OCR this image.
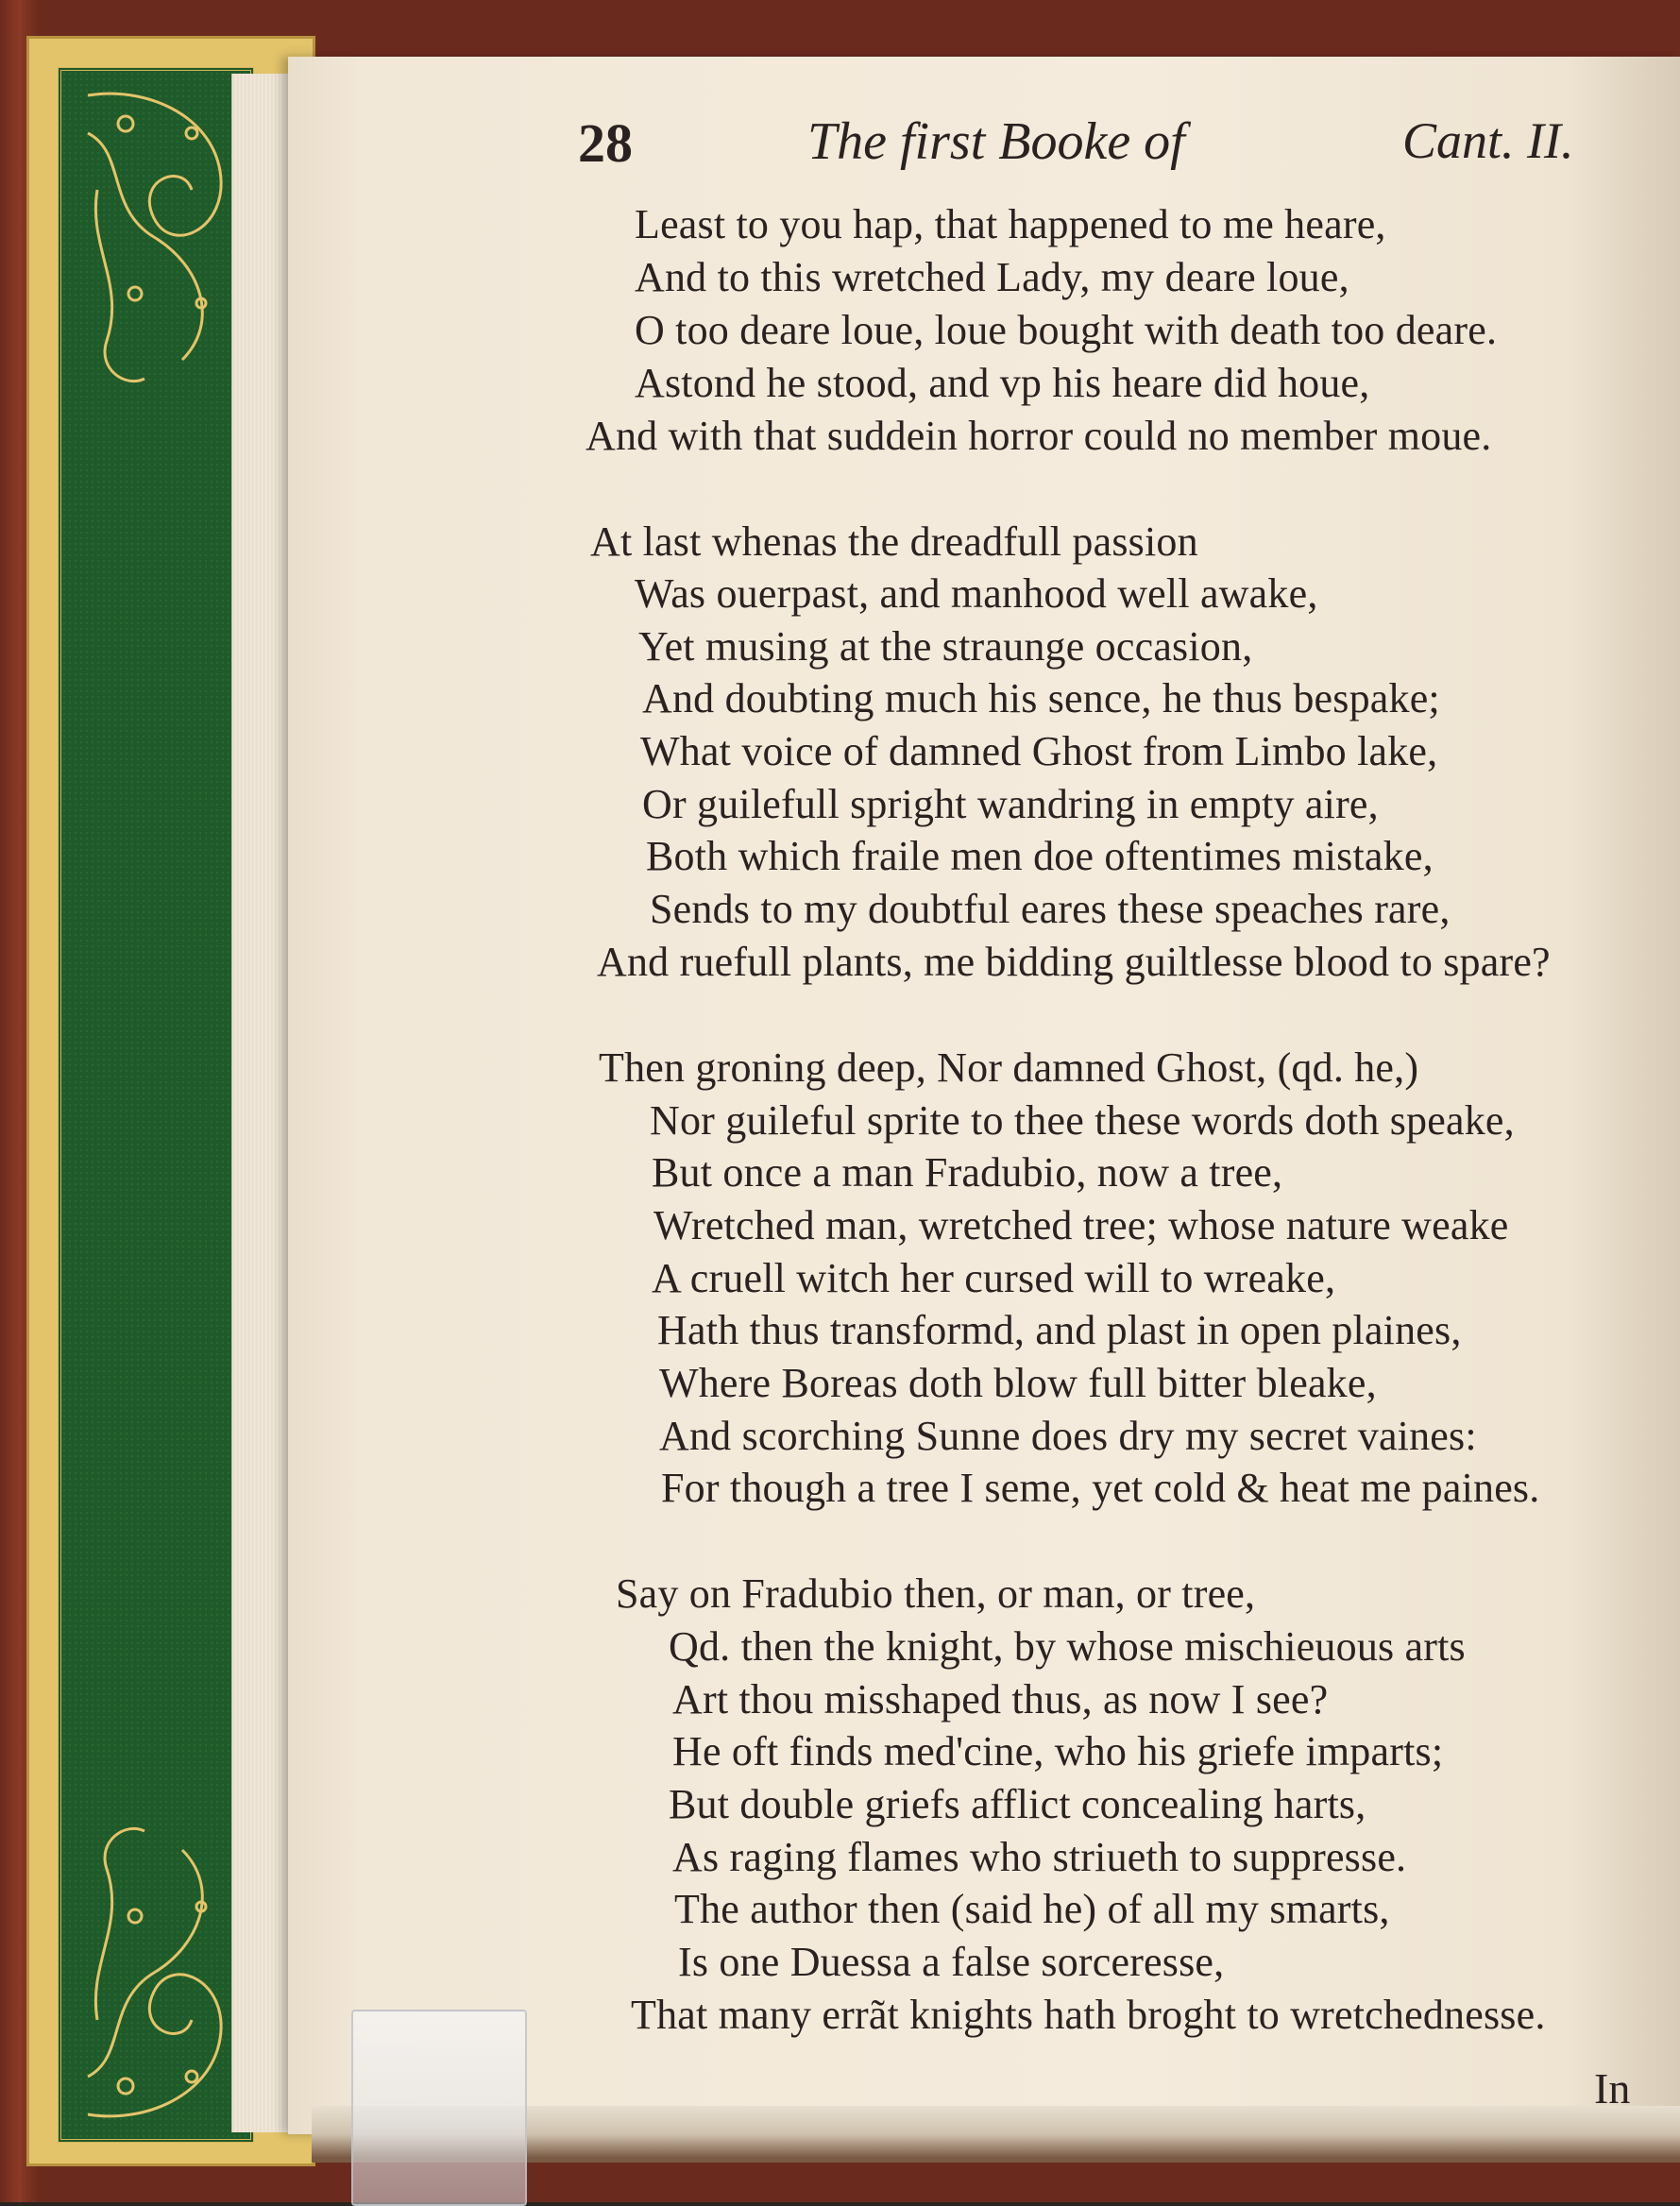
28	The first Booke of	Cant. II.
Least to you hap, that happened to me heare,
And to this wretched Lady, my deare loue,
O too deare loue, loue bought with death too deare.
Astond he stood, and vp his heare did houe,
And with that suddein horror could no member moue.
At last whenas the dreadfull passion
Was ouerpast, and manhood well awake,
Yet musing at the straunge occasion,
And doubting much his sence, he thus bespake;
What voice of damned Ghost from Limbo lake,
Or guilefull spright wandring in empty aire,
Both which fraile men doe oftentimes mistake,
Sends to my doubtful eares these speaches rare,
And ruefull plants, me bidding guiltlesse blood to spare?
Then groning deep, Nor damned Ghost, (qd. he,)
Nor guileful sprite to thee these words doth speake,
But once a man Fradubio, now a tree,
Wretched man, wretched tree; whose nature weake
A cruell witch her cursed will to wreake,
Hath thus transformd, and plast in open plaines,
Where Boreas doth blow full bitter bleake,
And scorching Sunne does dry my secret vaines:
For though a tree I seme, yet cold & heat me paines.
Say on Fradubio then, or man, or tree,
Qd. then the knight, by whose mischieuous arts
Art thou misshaped thus, as now I see?
He oft finds med'cine, who his griefe imparts;
But double griefs afflict concealing harts,
As raging flames who striueth to suppresse.
The author then (said he) of all my smarts,
Is one Duessa a false sorceresse,
That many errãt knights hath broght to wretchednesse.
In
